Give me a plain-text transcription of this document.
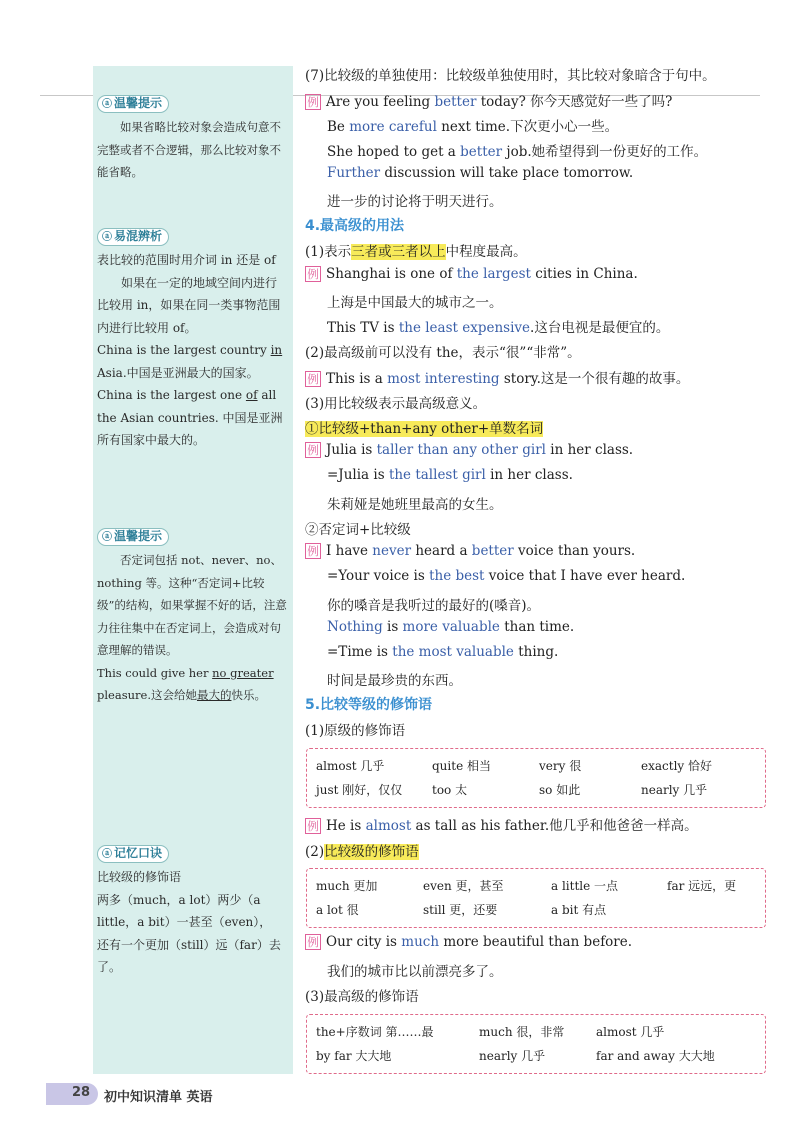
ⓐ 温馨提示

如果省略比较对象会造成句意不完整或者不合逻辑，那么比较对象不能省略。

ⓐ 易混辨析

表比较的范围时用介词 in 还是 of

如果在一定的地域空间内进行比较用 in，如果在同一类事物范围内进行比较用 of。

China is the largest country in Asia.中国是亚洲最大的国家。

China is the largest one of all the Asian countries. 中国是亚洲所有国家中最大的。

ⓐ 温馨提示

否定词包括 not、never、no、nothing 等。这种“否定词+比较级”的结构，如果掌握不好的话，注意力往往集中在否定词上，会造成对句意理解的错误。

This could give her no greater pleasure.这会给她最大的快乐。

ⓐ 记忆口诀

比较级的修饰语

两多（much，a lot）两少（a little，a bit）一甚至（even），

还有一个更加（still）远（far）去了。

(7)比较级的单独使用：比较级单独使用时，其比较对象暗含于句中。
例 Are you feeling better today? 你今天感觉好一些了吗?
Be more careful next time.下次更小心一些。
She hoped to get a better job.她希望得到一份更好的工作。
Further discussion will take place tomorrow.
进一步的讨论将于明天进行。
4.最高级的用法
(1)表示三者或三者以上中程度最高。
例 Shanghai is one of the largest cities in China.
上海是中国最大的城市之一。
This TV is the least expensive.这台电视是最便宜的。
(2)最高级前可以没有 the，表示“很”“非常”。
例 This is a most interesting story.这是一个很有趣的故事。
(3)用比较级表示最高级意义。
①比较级+than+any other+单数名词
例 Julia is taller than any other girl in her class.
=Julia is the tallest girl in her class.
朱莉娅是她班里最高的女生。
②否定词+比较级
例 I have never heard a better voice than yours.
=Your voice is the best voice that I have ever heard.
你的嗓音是我听过的最好的(嗓音)。
Nothing is more valuable than time.
=Time is the most valuable thing.
时间是最珍贵的东西。
5.比较等级的修饰语
(1)原级的修饰语
almost 几乎	quite 相当	very 很	exactly 恰好
just 刚好，仅仅 too 太	so 如此	nearly 几乎
例 He is almost as tall as his father.他几乎和他爸爸一样高。
(2)比较级的修饰语
much 更加	even 更，甚至	a little 一点	far 远远，更
a lot 很	still 更，还要	a bit 有点
例 Our city is much more beautiful than before.
我们的城市比以前漂亮多了。
(3)最高级的修饰语
the+序数词 第……最	much 很，非常	almost 几乎
by far 大大地	nearly 几乎	far and away 大大地
28 初中知识清单 英语
